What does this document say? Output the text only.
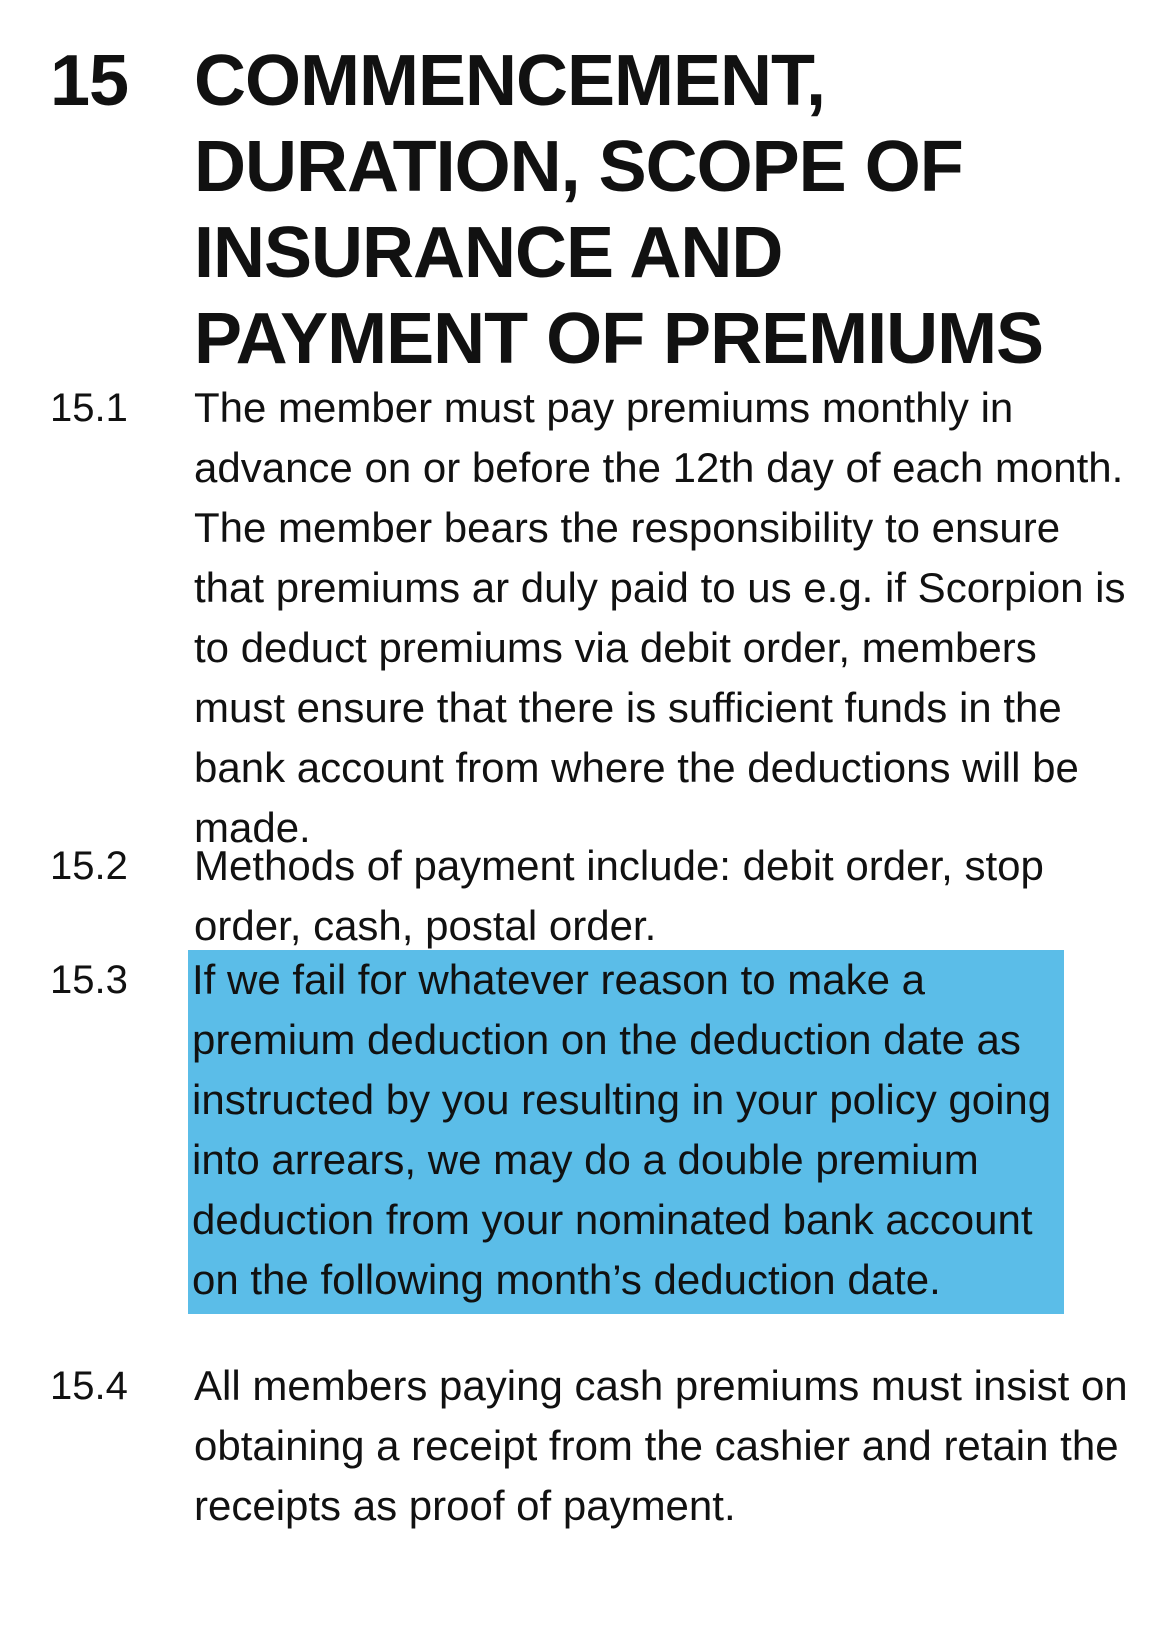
15 COMMENCEMENT, DURATION, SCOPE OF INSURANCE AND PAYMENT OF PREMIUMS
15.1 The member must pay premiums monthly in advance on or before the 12th day of each month. The member bears the responsibility to ensure that premiums ar duly paid to us e.g. if Scorpion is to deduct premiums via debit order, members must ensure that there is sufficient funds in the bank account from where the deductions will be made.
15.2 Methods of payment include: debit order, stop order, cash, postal order.
15.3 If we fail for whatever reason to make a premium deduction on the deduction date as instructed by you resulting in your policy going into arrears, we may do a double premium deduction from your nominated bank account on the following month’s deduction date.
15.4 All members paying cash premiums must insist on obtaining a receipt from the cashier and retain the receipts as proof of payment.
